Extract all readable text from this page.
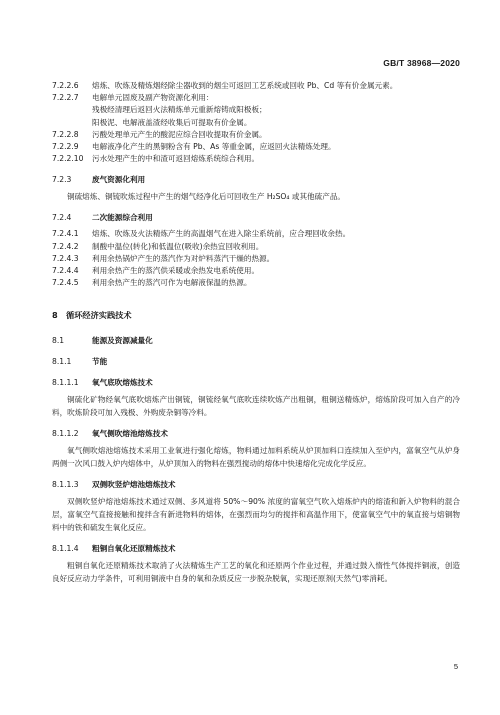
GB/T 38968—2020
7.2.2.6	熔炼、吹炼及精炼烟经除尘器收到的烟尘可返回工艺系统或回收 Pb、Cd 等有价金属元素。
7.2.2.7	电解单元固废及副产物资源化利用：
残极经清理后返回火法精炼单元重新熔铸成阳极板；
阳极泥、电解液盖渣经收集后可提取有价金属。
7.2.2.8	污酸处理单元产生的酸泥应综合回收提取有价金属。
7.2.2.9	电解液净化产生的黑铜粉含有 Pb、As 等重金属，应返回火法精炼处理。
7.2.2.10	污水处理产生的中和渣可返回熔炼系统综合利用。
7.2.3	废气资源化利用
铜硫熔炼、铜锍吹炼过程中产生的烟气经净化后可回收生产 H₂SO₄ 或其他硫产品。
7.2.4	二次能源综合利用
7.2.4.1	熔炼、吹炼及火法精炼产生的高温烟气在进入除尘系统前，应合理回收余热。
7.2.4.2	制酸中温位(转化)和低温位(吸收)余热宜回收利用。
7.2.4.3	利用余热锅炉产生的蒸汽作为对炉料蒸汽干燥的热源。
7.2.4.4	利用余热产生的蒸汽供采暖或余热发电系统使用。
7.2.4.5	利用余热产生的蒸汽可作为电解液保温的热源。
8	循环经济实践技术
8.1	能源及资源减量化
8.1.1	节能
8.1.1.1	氧气底吹熔炼技术
铜硫化矿物经氧气底吹熔炼产出铜锍，铜锍经氧气底吹连续吹炼产出粗铜，粗铜送精炼炉，熔炼阶段可加入自产的冷料，吹炼阶段可加入残极、外购废杂铜等冷料。
8.1.1.2	氧气侧吹熔池熔炼技术
氧气侧吹熔池熔炼技术采用工业氧进行强化熔炼，物料通过加料系统从炉顶加料口连续加入至炉内，富氧空气从炉身两侧一次风口鼓入炉内熔体中，从炉顶加入的物料在强烈搅动的熔体中快速熔化完成化学反应。
8.1.1.3	双侧吹竖炉熔池熔炼技术
双侧吹竖炉熔池熔炼技术通过双侧、多风道将 50%～90% 浓度的富氧空气吹入熔炼炉内的熔渣和新入炉物料的混合层，富氧空气直接接触和搅拌含有新进物料的熔体，在强烈而均匀的搅拌和高温作用下，使富氧空气中的氧直接与熔铜物料中的铁和硫发生氧化反应。
8.1.1.4	粗铜自氧化还原精炼技术
粗铜自氧化还原精炼技术取消了火法精炼生产工艺的氧化和还原两个作业过程，并通过鼓入惰性气体搅拌铜液，创造良好反应动力学条件，可利用铜液中自身的氧和杂质反应一步脱杂脱氧，实现还原剂(天然气)零消耗。
5
